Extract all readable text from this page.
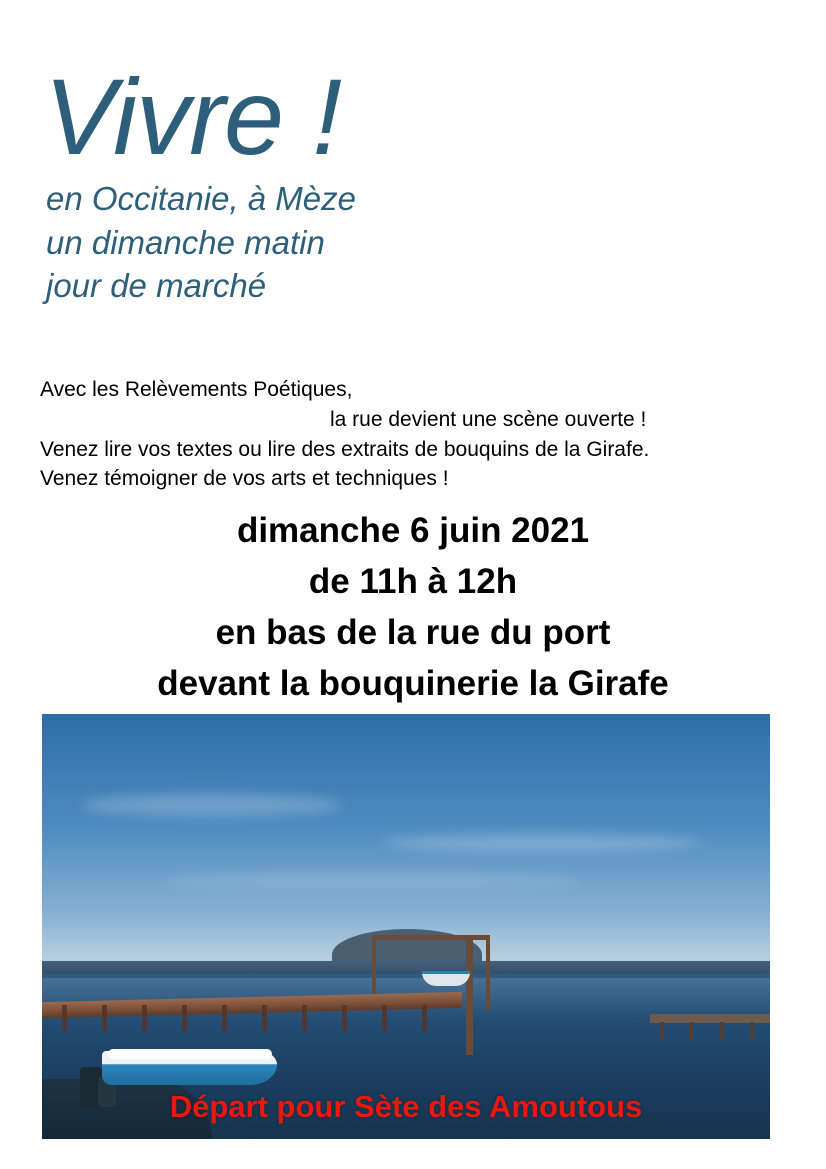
Vivre !

en Occitanie, à Mèze

un dimanche matin

jour de marché

Avec les Relèvements Poétiques,

la rue devient une scène ouverte !

Venez lire vos textes ou lire des extraits de bouquins de la Girafe.

Venez témoigner de vos arts et techniques !

dimanche 6 juin 2021

de 11h à 12h

en bas de la rue du port

devant la bouquinerie la Girafe

Départ pour Sète des Amoutous
